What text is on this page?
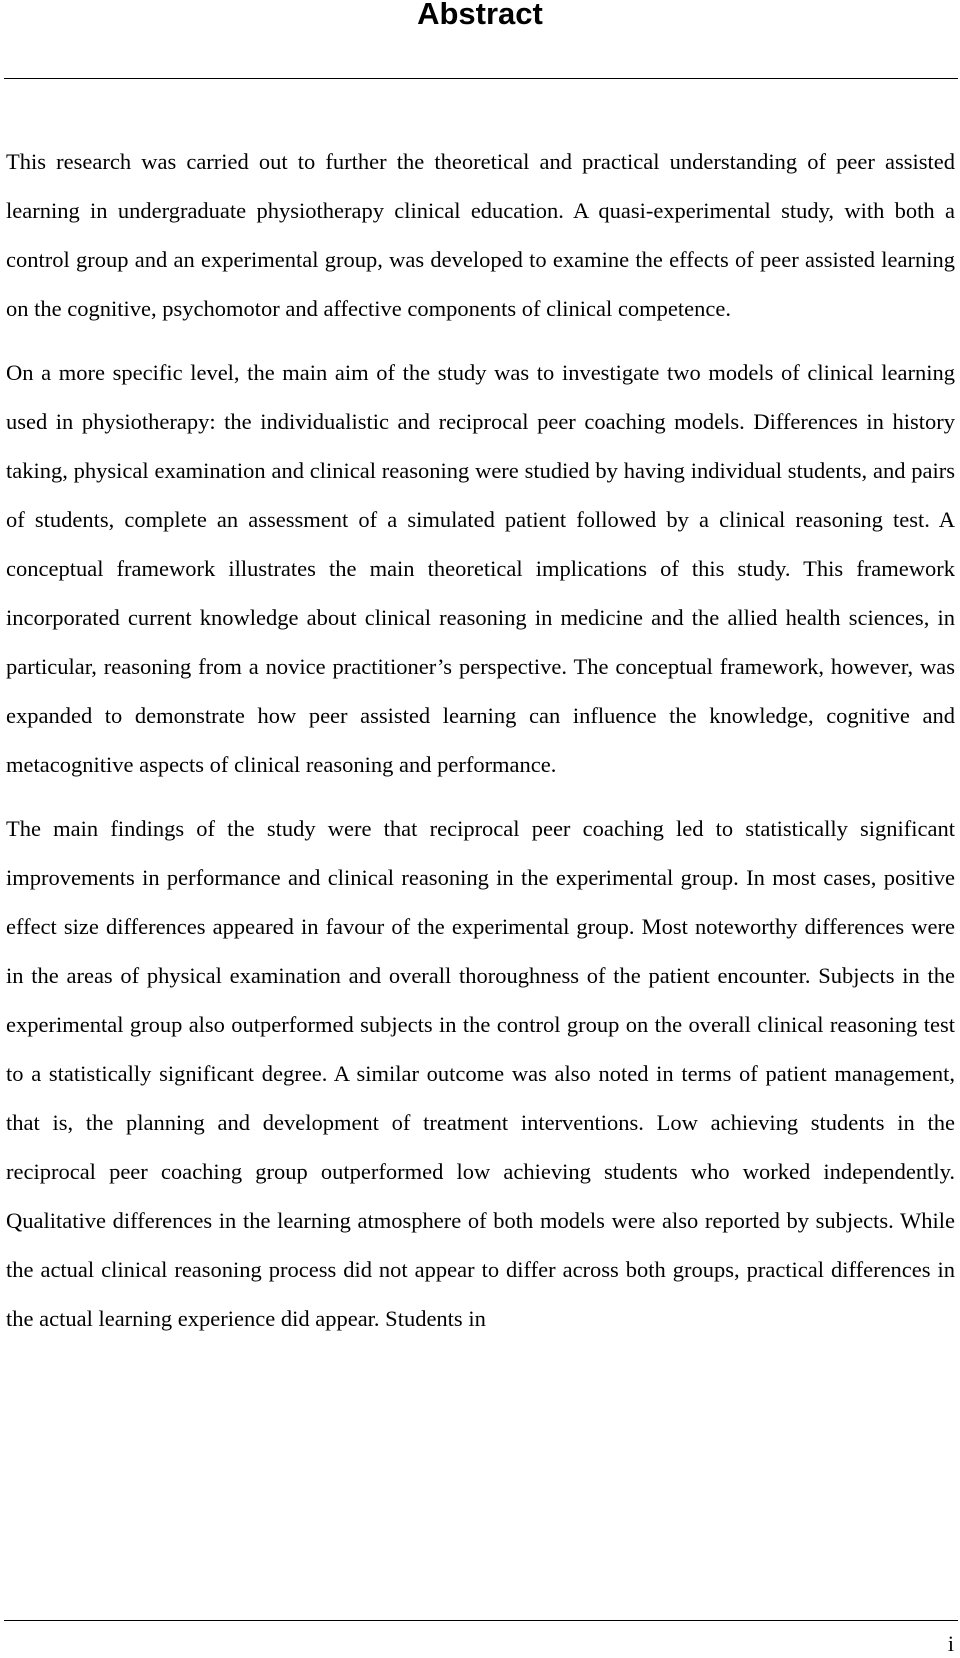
Abstract

This research was carried out to further the theoretical and practical understanding of peer assisted learning in undergraduate physiotherapy clinical education. A quasi-experimental study, with both a control group and an experimental group, was developed to examine the effects of peer assisted learning on the cognitive, psychomotor and affective components of clinical competence.

On a more specific level, the main aim of the study was to investigate two models of clinical learning used in physiotherapy: the individualistic and reciprocal peer coaching models. Differences in history taking, physical examination and clinical reasoning were studied by having individual students, and pairs of students, complete an assessment of a simulated patient followed by a clinical reasoning test. A conceptual framework illustrates the main theoretical implications of this study. This framework incorporated current knowledge about clinical reasoning in medicine and the allied health sciences, in particular, reasoning from a novice practitioner’s perspective. The conceptual framework, however, was expanded to demonstrate how peer assisted learning can influence the knowledge, cognitive and metacognitive aspects of clinical reasoning and performance.

The main findings of the study were that reciprocal peer coaching led to statistically significant improvements in performance and clinical reasoning in the experimental group. In most cases, positive effect size differences appeared in favour of the experimental group. Most noteworthy differences were in the areas of physical examination and overall thoroughness of the patient encounter. Subjects in the experimental group also outperformed subjects in the control group on the overall clinical reasoning test to a statistically significant degree. A similar outcome was also noted in terms of patient management, that is, the planning and development of treatment interventions. Low achieving students in the reciprocal peer coaching group outperformed low achieving students who worked independently. Qualitative differences in the learning atmosphere of both models were also reported by subjects. While the actual clinical reasoning process did not appear to differ across both groups, practical differences in the actual learning experience did appear. Students in

i
